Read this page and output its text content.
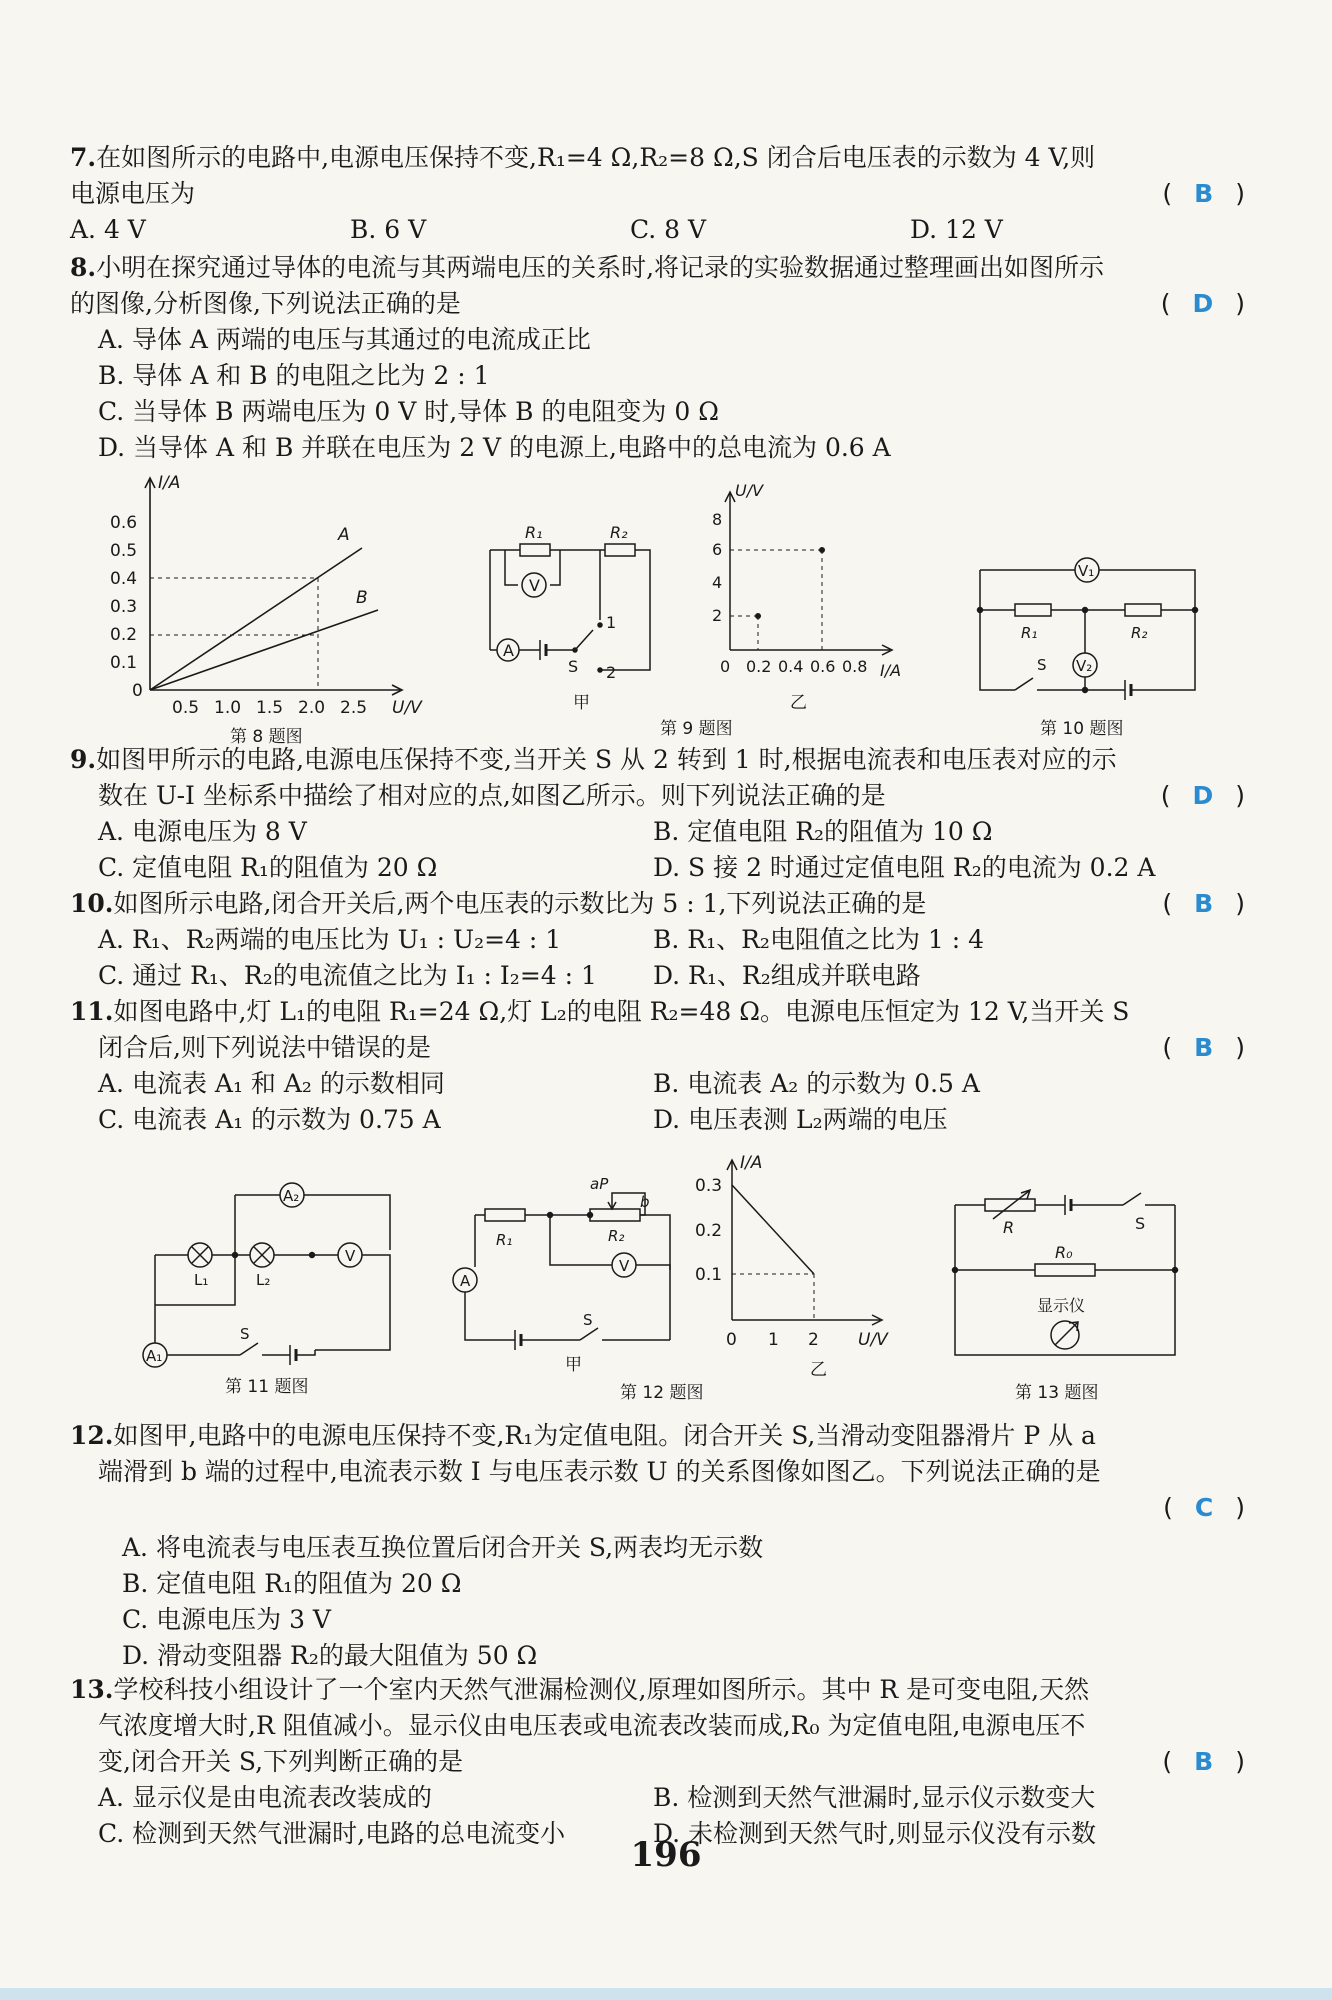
7.在如图所示的电路中,电源电压保持不变,R₁=4 Ω,R₂=8 Ω,S 闭合后电压表的示数为 4 V,则

电源电压为	( B )

A. 4 V	B. 6 V	C. 8 V	D. 12 V

8.小明在探究通过导体的电流与其两端电压的关系时,将记录的实验数据通过整理画出如图所示

的图像,分析图像,下列说法正确的是	( D )

A. 导体 A 两端的电压与其通过的电流成正比

B. 导体 A 和 B 的电阻之比为 2 : 1

C. 当导体 B 两端电压为 0 V 时,导体 B 的电阻变为 0 Ω

D. 当导体 A 和 B 并联在电压为 2 V 的电源上,电路中的总电流为 0.6 A

I/A
U/V
A
B
0.6
0.5
0.4
0.3
0.2
0.1
0
0.5 1.0 1.5 2.0 2.5
第 8 题图
R₁	R₂
V
A
S
1
2
甲
U/V
I/A
8
6
4
2
0 0.2 0.4 0.6 0.8
乙
第 9 题图
V₁
V₂
R₁	R₂
S
第 10 题图

9.如图甲所示的电路,电源电压保持不变,当开关 S 从 2 转到 1 时,根据电流表和电压表对应的示

数在 U-I 坐标系中描绘了相对应的点,如图乙所示。则下列说法正确的是	( D )

A. 电源电压为 8 V	B. 定值电阻 R₂的阻值为 10 Ω

C. 定值电阻 R₁的阻值为 20 Ω	D. S 接 2 时通过定值电阻 R₂的电流为 0.2 A

10.如图所示电路,闭合开关后,两个电压表的示数比为 5 : 1,下列说法正确的是	( B )

A. R₁、R₂两端的电压比为 U₁ : U₂=4 : 1	B. R₁、R₂电阻值之比为 1 : 4

C. 通过 R₁、R₂的电流值之比为 I₁ : I₂=4 : 1	D. R₁、R₂组成并联电路

11.如图电路中,灯 L₁的电阻 R₁=24 Ω,灯 L₂的电阻 R₂=48 Ω。电源电压恒定为 12 V,当开关 S

闭合后,则下列说法中错误的是	( B )

A. 电流表 A₁ 和 A₂ 的示数相同	B. 电流表 A₂ 的示数为 0.5 A

C. 电流表 A₁ 的示数为 0.75 A	D. 电压表测 L₂两端的电压

A₂
L₁	L₂
V
A₁
S
第 11 题图
R₁	R₂
aP
b
V
A
S
甲
I/A
U/V
0.3
0.2
0.1
0 1 2
乙
第 12 题图
R	S
R₀
显示仪
第 13 题图

12.如图甲,电路中的电源电压保持不变,R₁为定值电阻。闭合开关 S,当滑动变阻器滑片 P 从 a

端滑到 b 端的过程中,电流表示数 I 与电压表示数 U 的关系图像如图乙。下列说法正确的是

( C )

A. 将电流表与电压表互换位置后闭合开关 S,两表均无示数

B. 定值电阻 R₁的阻值为 20 Ω

C. 电源电压为 3 V

D. 滑动变阻器 R₂的最大阻值为 50 Ω

13.学校科技小组设计了一个室内天然气泄漏检测仪,原理如图所示。其中 R 是可变电阻,天然

气浓度增大时,R 阻值减小。显示仪由电压表或电流表改装而成,R₀ 为定值电阻,电源电压不

变,闭合开关 S,下列判断正确的是	( B )

A. 显示仪是由电流表改装成的	B. 检测到天然气泄漏时,显示仪示数变大

C. 检测到天然气泄漏时,电路的总电流变小	D. 未检测到天然气时,则显示仪没有示数

196
